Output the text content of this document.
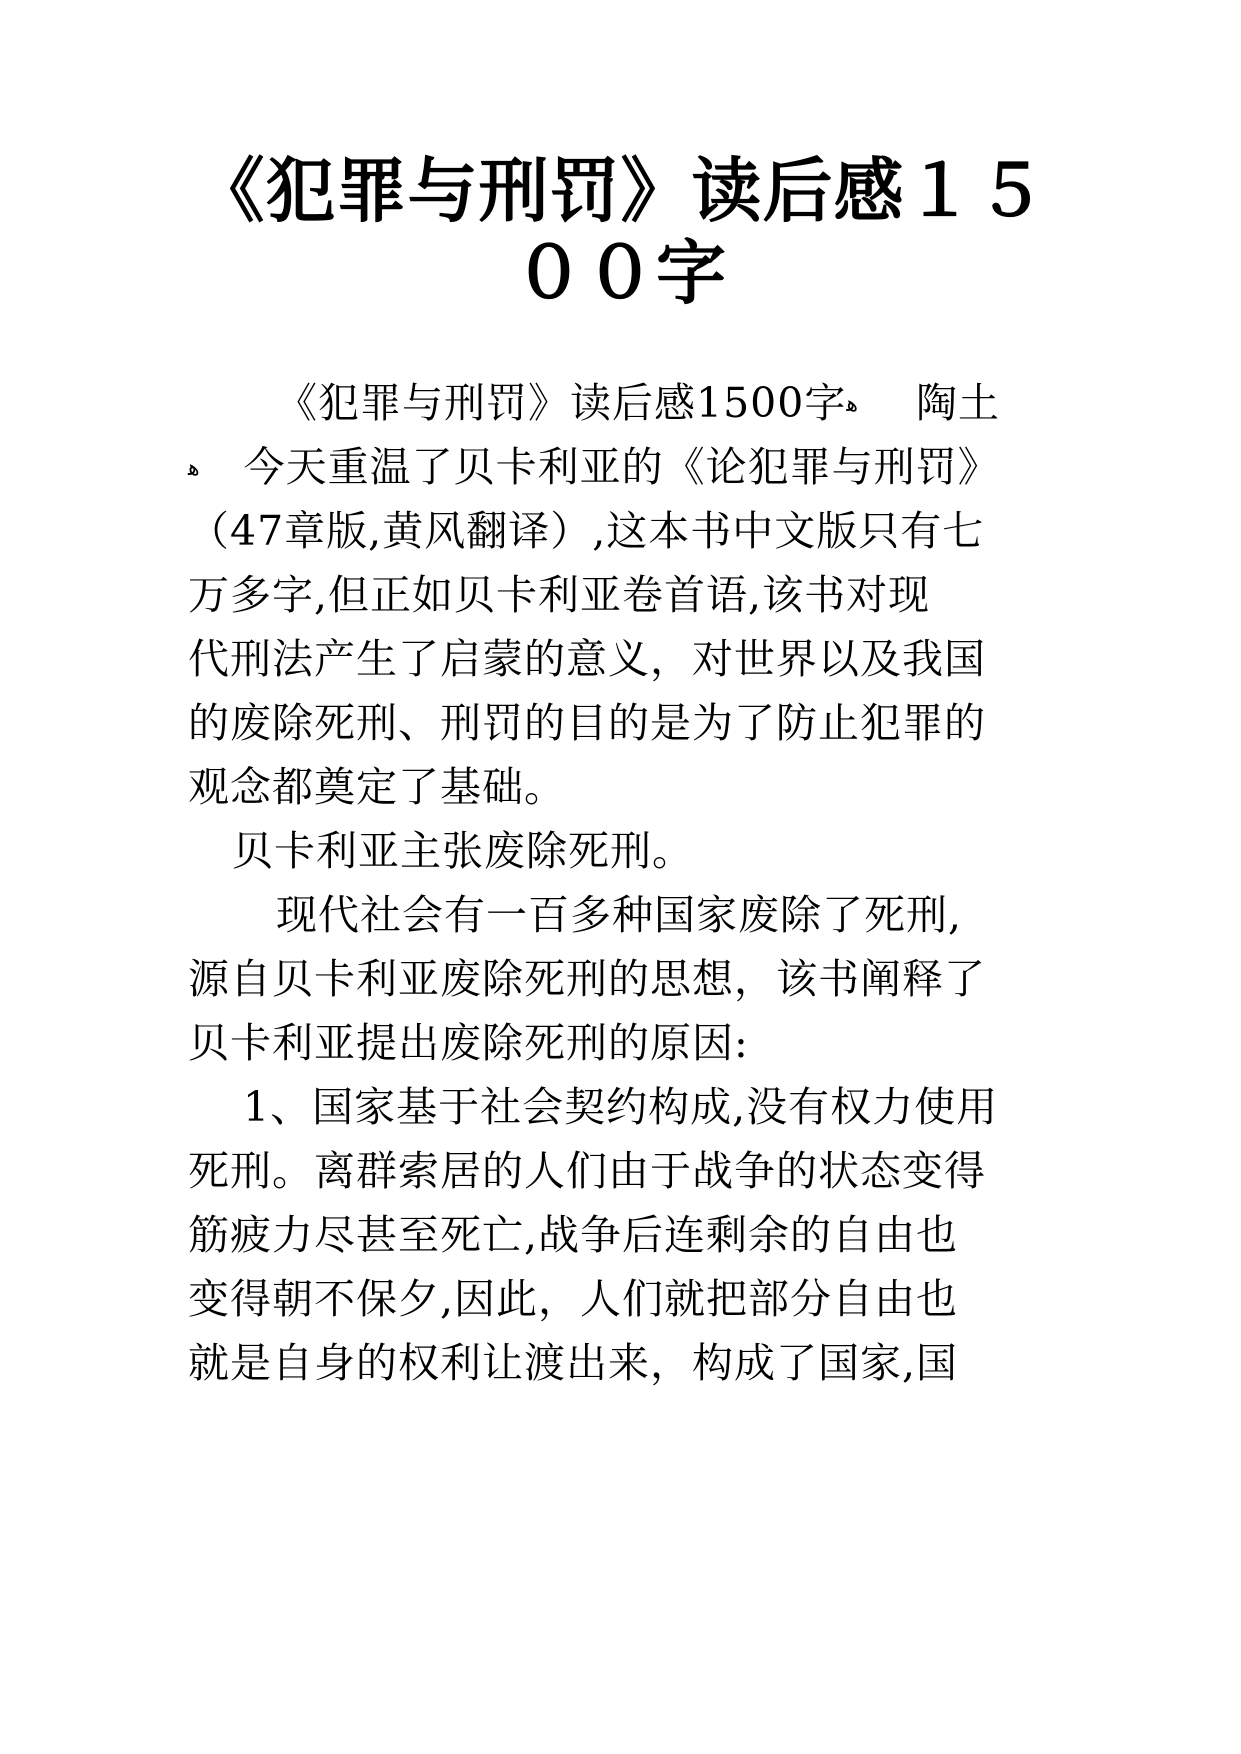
《犯罪与刑罚》读后感１５
００字
《犯罪与刑罚》读后感1500字ﻫ 陶土
ﻫ 今天重温了贝卡利亚的《论犯罪与刑罚》
（47章版,黄风翻译）,这本书中文版只有七
万多字,但正如贝卡利亚卷首语,该书对现
代刑法产生了启蒙的意义，对世界以及我国
的废除死刑、刑罚的目的是为了防止犯罪的
观念都奠定了基础。
贝卡利亚主张废除死刑。
现代社会有一百多种国家废除了死刑,
源自贝卡利亚废除死刑的思想，该书阐释了
贝卡利亚提出废除死刑的原因:
1、国家基于社会契约构成,没有权力使用
死刑。离群索居的人们由于战争的状态变得
筋疲力尽甚至死亡,战争后连剩余的自由也
变得朝不保夕,因此，人们就把部分自由也
就是自身的权利让渡出来，构成了国家,国
